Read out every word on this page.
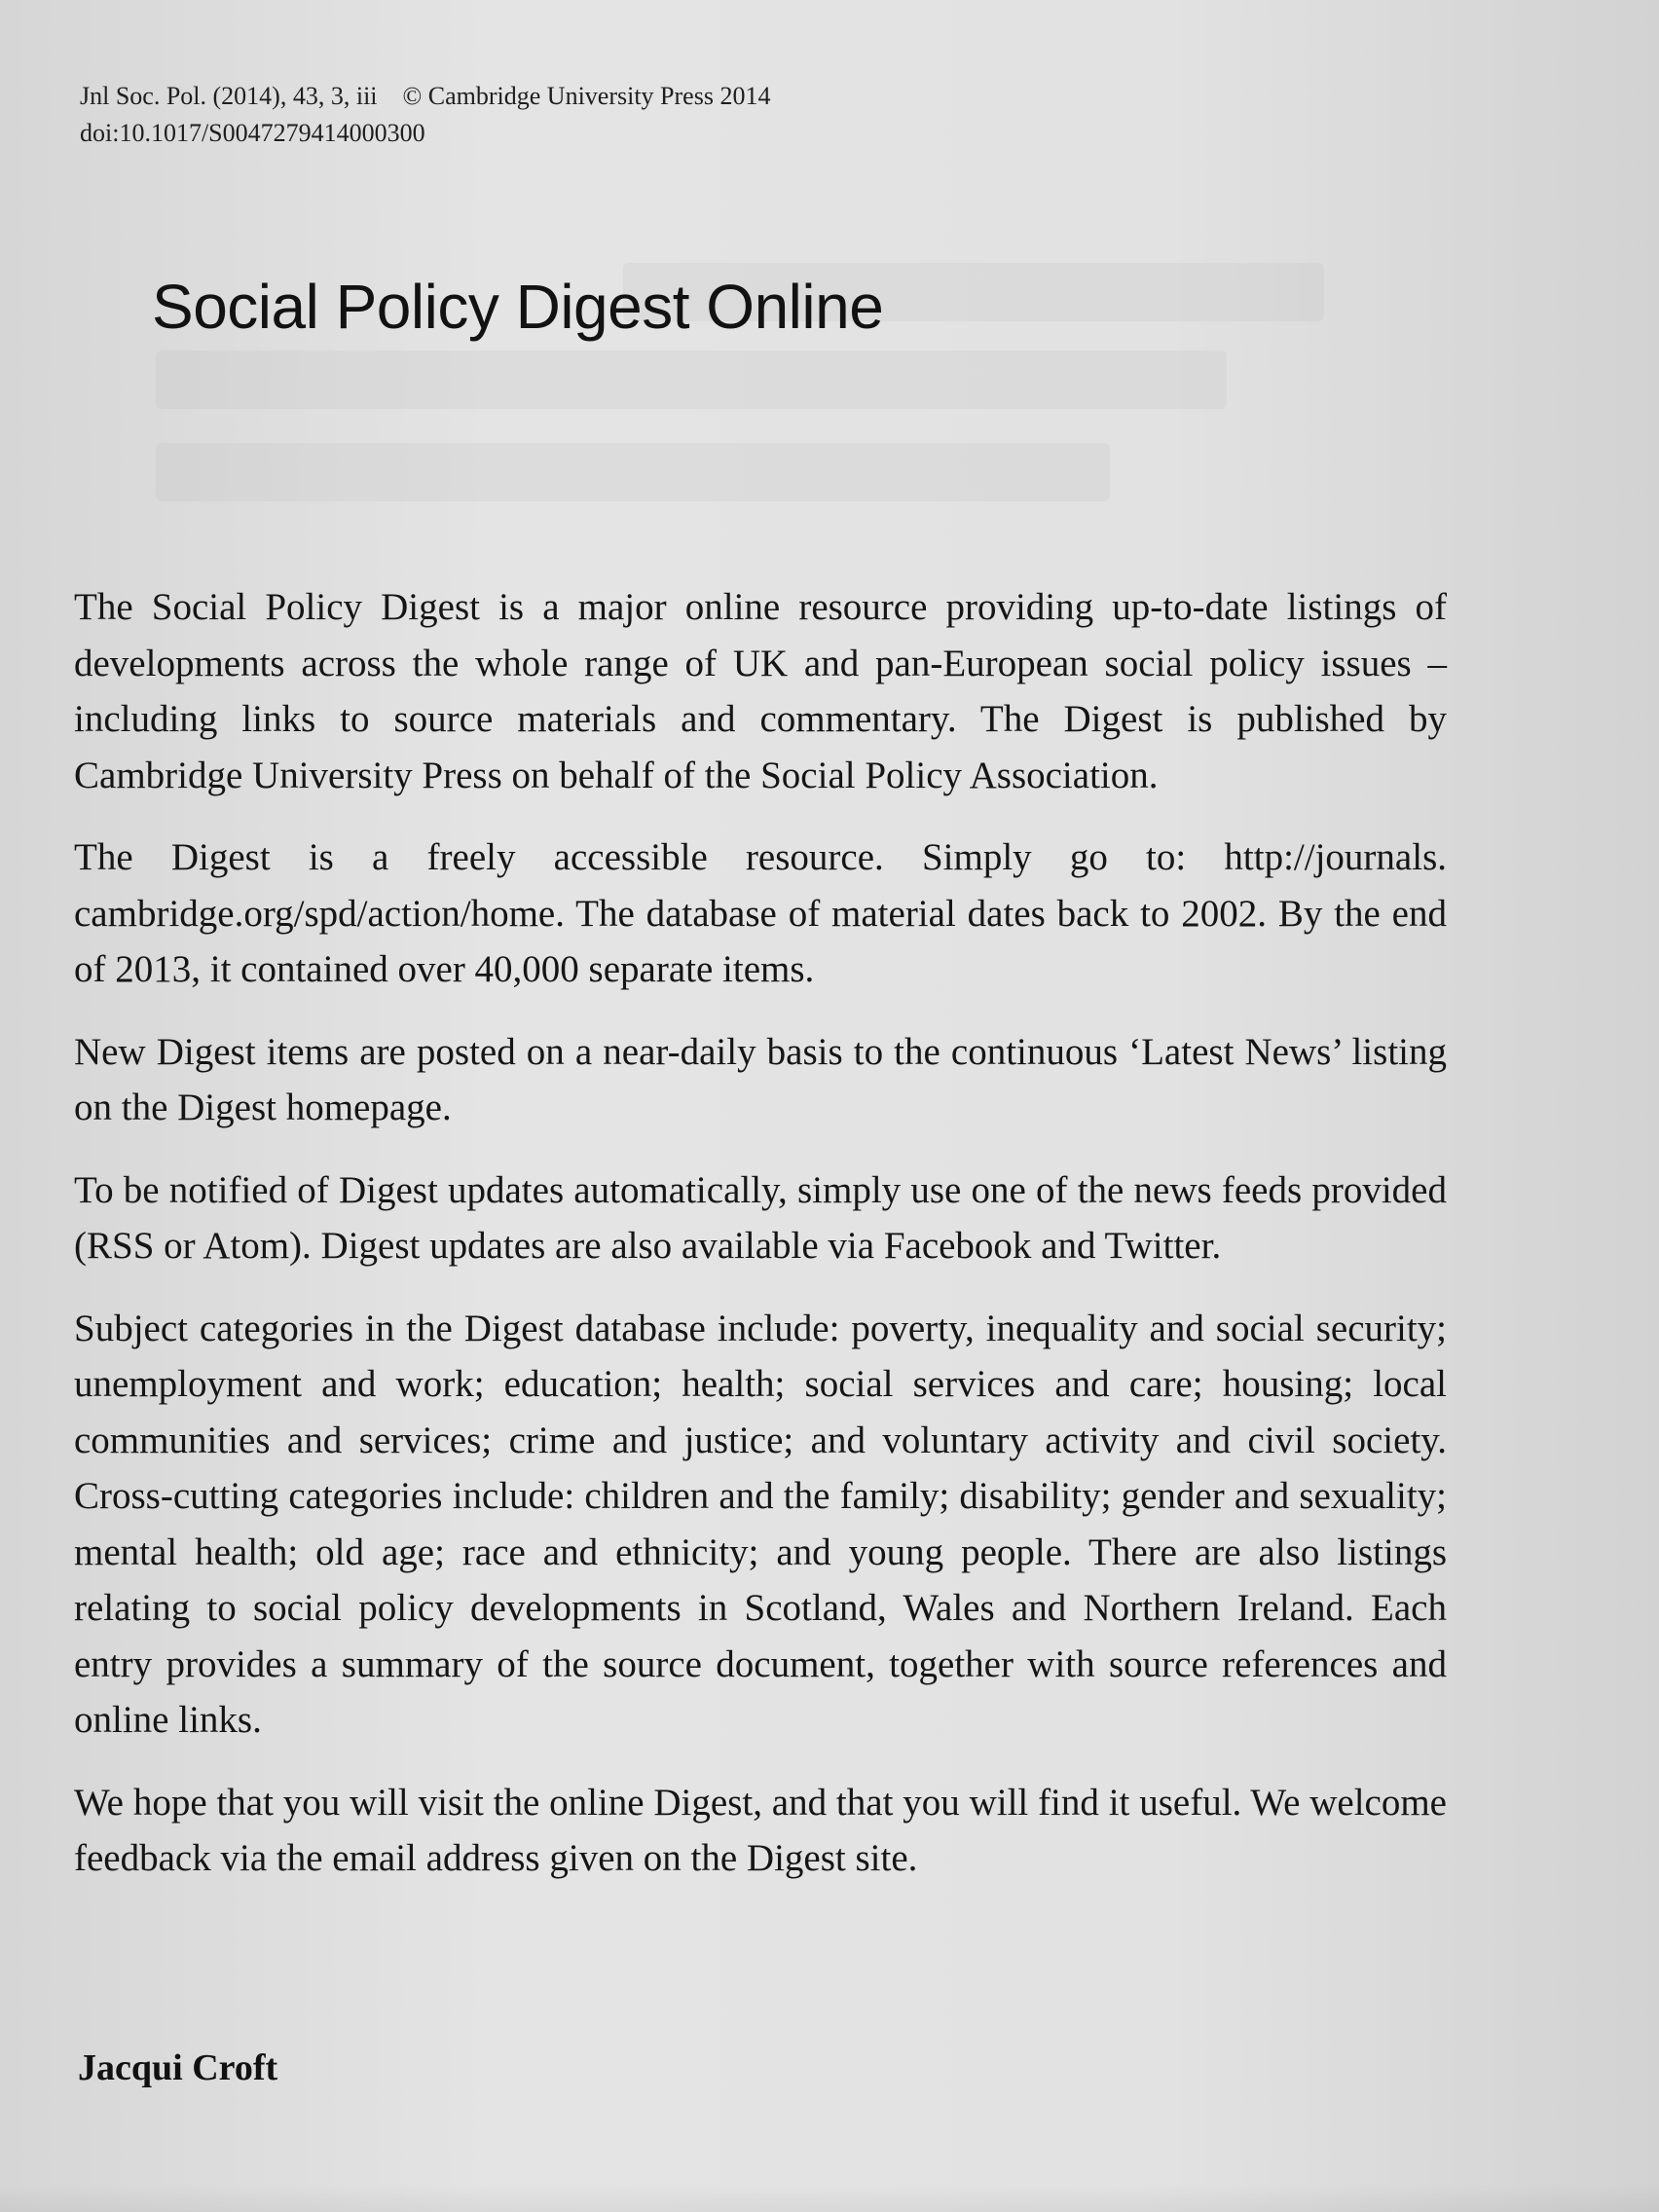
Jnl Soc. Pol. (2014), 43, 3, iii © Cambridge University Press 2014
doi:10.1017/S0047279414000300
Social Policy Digest Online

The Social Policy Digest is a major online resource providing up-to-date listings of developments across the whole range of UK and pan-European social policy issues – including links to source materials and commentary. The Digest is published by Cambridge University Press on behalf of the Social Policy Association.

The Digest is a freely accessible resource. Simply go to: http://journals. cambridge.org/spd/action/home. The database of material dates back to 2002. By the end of 2013, it contained over 40,000 separate items.

New Digest items are posted on a near-daily basis to the continuous ‘Latest News’ listing on the Digest homepage.

To be notified of Digest updates automatically, simply use one of the news feeds provided (RSS or Atom). Digest updates are also available via Facebook and Twitter.

Subject categories in the Digest database include: poverty, inequality and social security; unemployment and work; education; health; social services and care; housing; local communities and services; crime and justice; and voluntary activity and civil society. Cross-cutting categories include: children and the family; disability; gender and sexuality; mental health; old age; race and ethnicity; and young people. There are also listings relating to social policy developments in Scotland, Wales and Northern Ireland. Each entry provides a summary of the source document, together with source references and online links.

We hope that you will visit the online Digest, and that you will find it useful. We welcome feedback via the email address given on the Digest site.

Jacqui Croft
